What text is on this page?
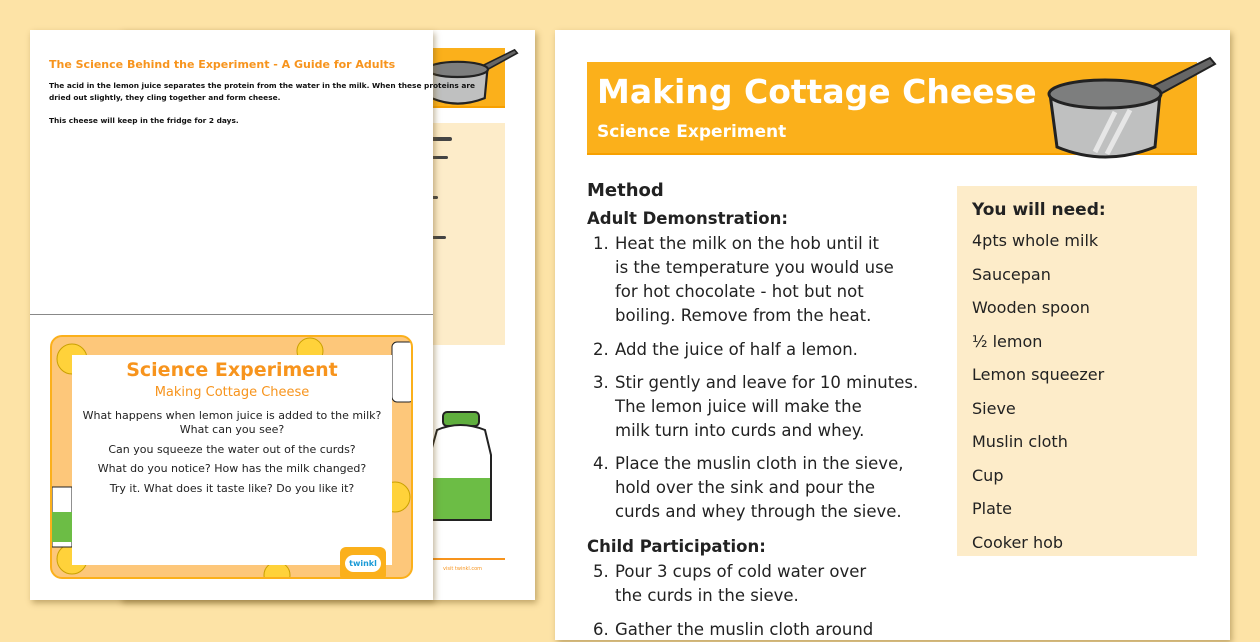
Making Cottage Cheese
Science Experiment
Method
Adult Demonstration:
1. Heat the milk on the hob until it
is the temperature you would use
for hot chocolate - hot but not
boiling. Remove from the heat.
2. Add the juice of half a lemon.
3. Stir gently and leave for 10 minutes.
The lemon juice will make the
milk turn into curds and whey.
4. Place the muslin cloth in the sieve,
hold over the sink and pour the
curds and whey through the sieve.
Child Participation:
5. Pour 3 cups of cold water over
the curds in the sieve.
6. Gather the muslin cloth around
You will need:
4pts whole milk
Saucepan
Wooden spoon
½ lemon
Lemon squeezer
Sieve
Muslin cloth
Cup
Plate
Cooker hob
visit twinkl.com
The Science Behind the Experiment - A Guide for Adults
The acid in the lemon juice separates the protein from the water in the milk. When these proteins are
dried out slightly, they cling together and form cheese.
This cheese will keep in the fridge for 2 days.
Science Experiment
Making Cottage Cheese
What happens when lemon juice is added to the milk?
What can you see?
Can you squeeze the water out of the curds?
What do you notice? How has the milk changed?
Try it. What does it taste like? Do you like it?
twinkl
